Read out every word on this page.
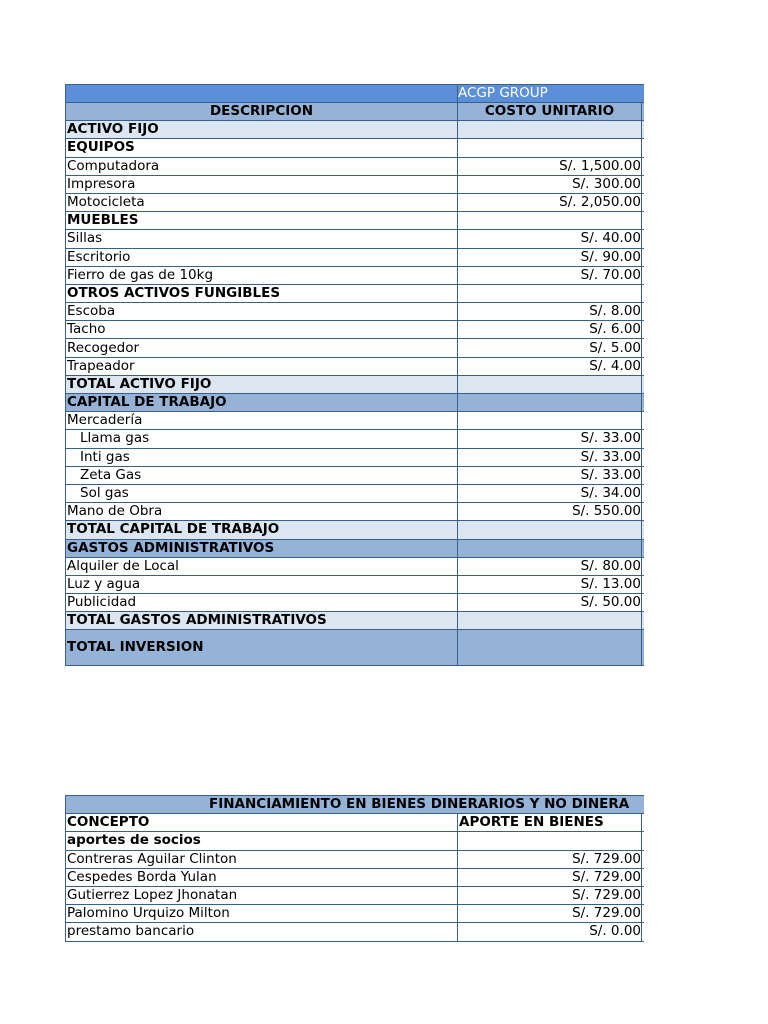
	ACGP GROUP	
DESCRIPCION	COSTO UNITARIO	
ACTIVO FIJO		
EQUIPOS		
Computadora	S/. 1,500.00	
Impresora	S/. 300.00	
Motocicleta	S/. 2,050.00	
MUEBLES		
Sillas	S/. 40.00	
Escritorio	S/. 90.00	
Fierro de gas de 10kg	S/. 70.00	
OTROS ACTIVOS FUNGIBLES		
Escoba	S/. 8.00	
Tacho	S/. 6.00	
Recogedor	S/. 5.00	
Trapeador	S/. 4.00	
TOTAL ACTIVO FIJO		
CAPITAL DE TRABAJO		
Mercadería		
Llama gas	S/. 33.00	
Inti gas	S/. 33.00	
Zeta Gas	S/. 33.00	
Sol gas	S/. 34.00	
Mano de Obra	S/. 550.00	
TOTAL CAPITAL DE TRABAJO		
GASTOS ADMINISTRATIVOS		
Alquiler de Local	S/. 80.00	
Luz y agua	S/. 13.00	
Publicidad	S/. 50.00	
TOTAL GASTOS ADMINISTRATIVOS		
TOTAL INVERSION		
FINANCIAMIENTO EN BIENES DINERARIOS Y NO DINERA		
CONCEPTO	APORTE EN BIENES	
aportes de socios		
Contreras Aguilar Clinton	S/. 729.00	
Cespedes Borda Yulan	S/. 729.00	
Gutierrez Lopez Jhonatan	S/. 729.00	
Palomino Urquizo Milton	S/. 729.00	
prestamo bancario	S/. 0.00	
